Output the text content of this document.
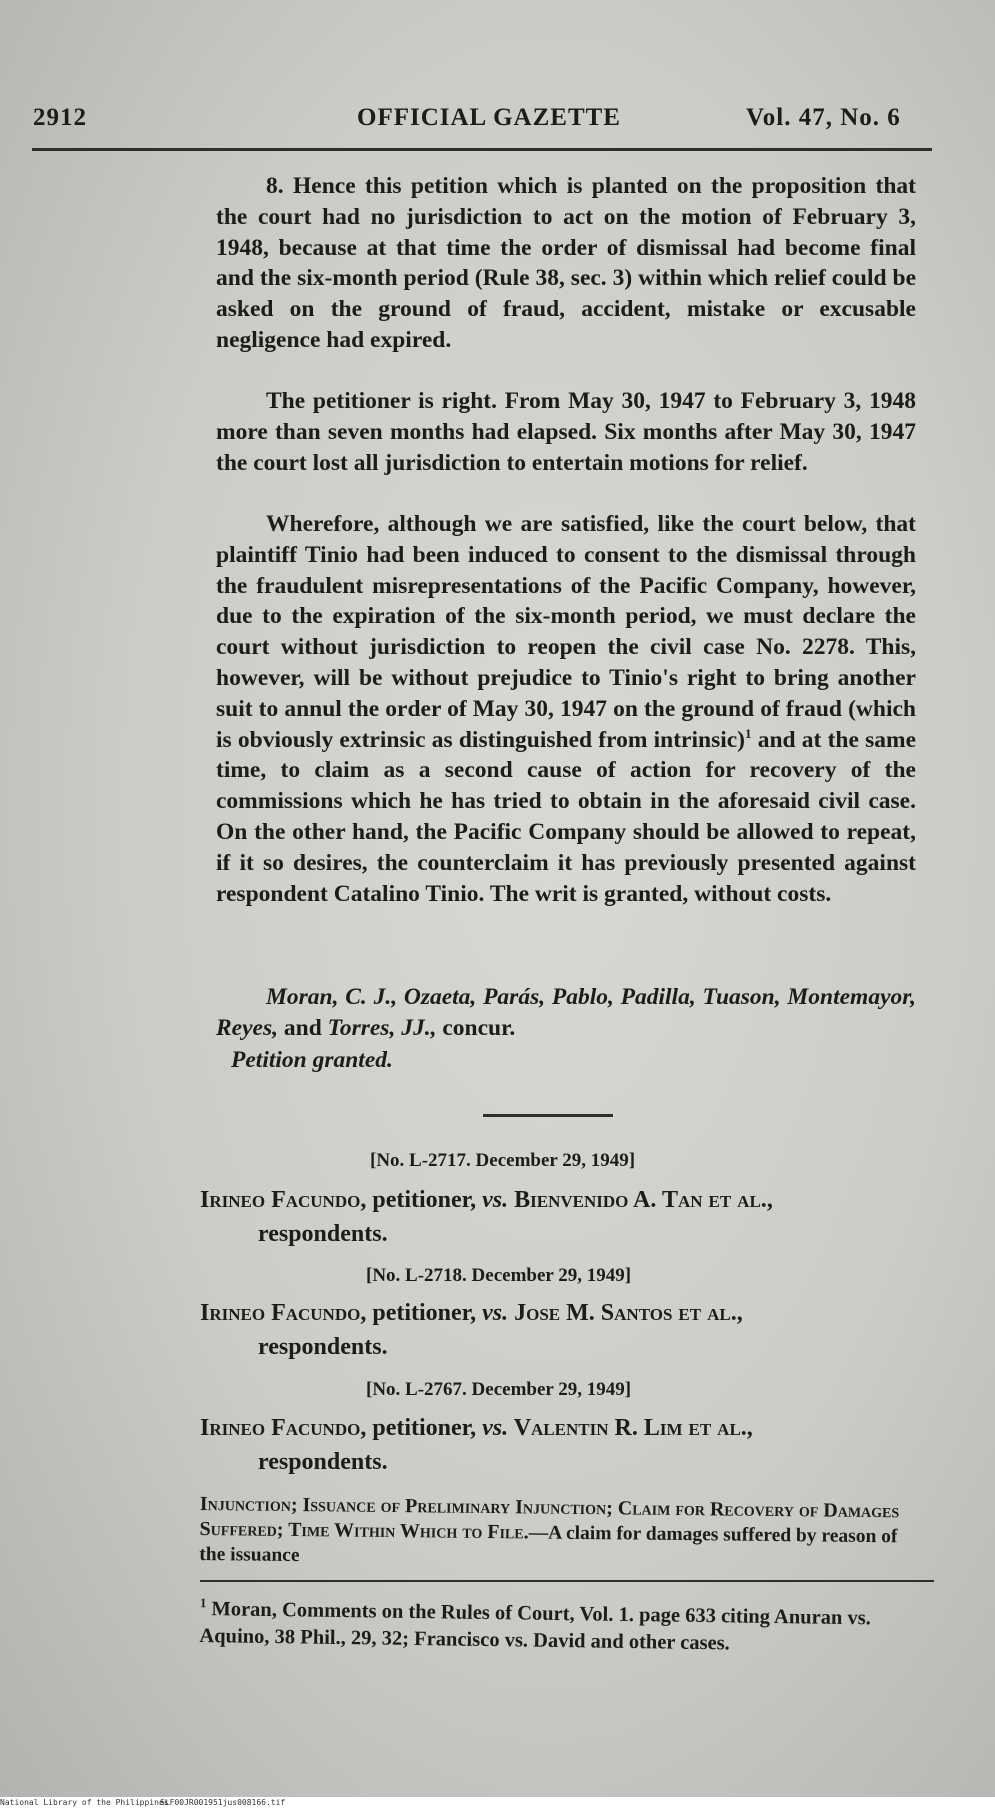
2912	OFFICIAL GAZETTE	Vol. 47, No. 6

8. Hence this petition which is planted on the proposition that the court had no jurisdiction to act on the motion of February 3, 1948, because at that time the order of dismissal had become final and the six-month period (Rule 38, sec. 3) within which relief could be asked on the ground of fraud, accident, mistake or excusable negligence had expired.

The petitioner is right. From May 30, 1947 to February 3, 1948 more than seven months had elapsed. Six months after May 30, 1947 the court lost all jurisdiction to entertain motions for relief.

Wherefore, although we are satisfied, like the court below, that plaintiff Tinio had been induced to consent to the dismissal through the fraudulent misrepresentations of the Pacific Company, however, due to the expiration of the six-month period, we must declare the court without jurisdiction to reopen the civil case No. 2278. This, however, will be without prejudice to Tinio's right to bring another suit to annul the order of May 30, 1947 on the ground of fraud (which is obviously extrinsic as distinguished from intrinsic)$^1$ and at the same time, to claim as a second cause of action for recovery of the commissions which he has tried to obtain in the aforesaid civil case. On the other hand, the Pacific Company should be allowed to repeat, if it so desires, the counterclaim it has previously presented against respondent Catalino Tinio. The writ is granted, without costs.

Moran, C. J., Ozaeta, Parás, Pablo, Padilla, Tuason, Montemayor, Reyes, and Torres, JJ., concur.

Petition granted.
[No. L-2717. December 29, 1949]
Irineo Facundo, petitioner, vs. Bienvenido A. Tan et al.,
respondents.
[No. L-2718. December 29, 1949]
Irineo Facundo, petitioner, vs. Jose M. Santos et al.,
respondents.
[No. L-2767. December 29, 1949]
Irineo Facundo, petitioner, vs. Valentin R. Lim et al.,
respondents.
Injunction; Issuance of Preliminary Injunction; Claim for Recovery of Damages Suffered; Time Within Which to File.—A claim for damages suffered by reason of the issuance
$^1$ Moran, Comments on the Rules of Court, Vol. 1. page 633 citing Anuran vs. Aquino, 38 Phil., 29, 32; Francisco vs. David and other cases.
National Library of the Philippines
SLF00JR001951jus008166.tif
